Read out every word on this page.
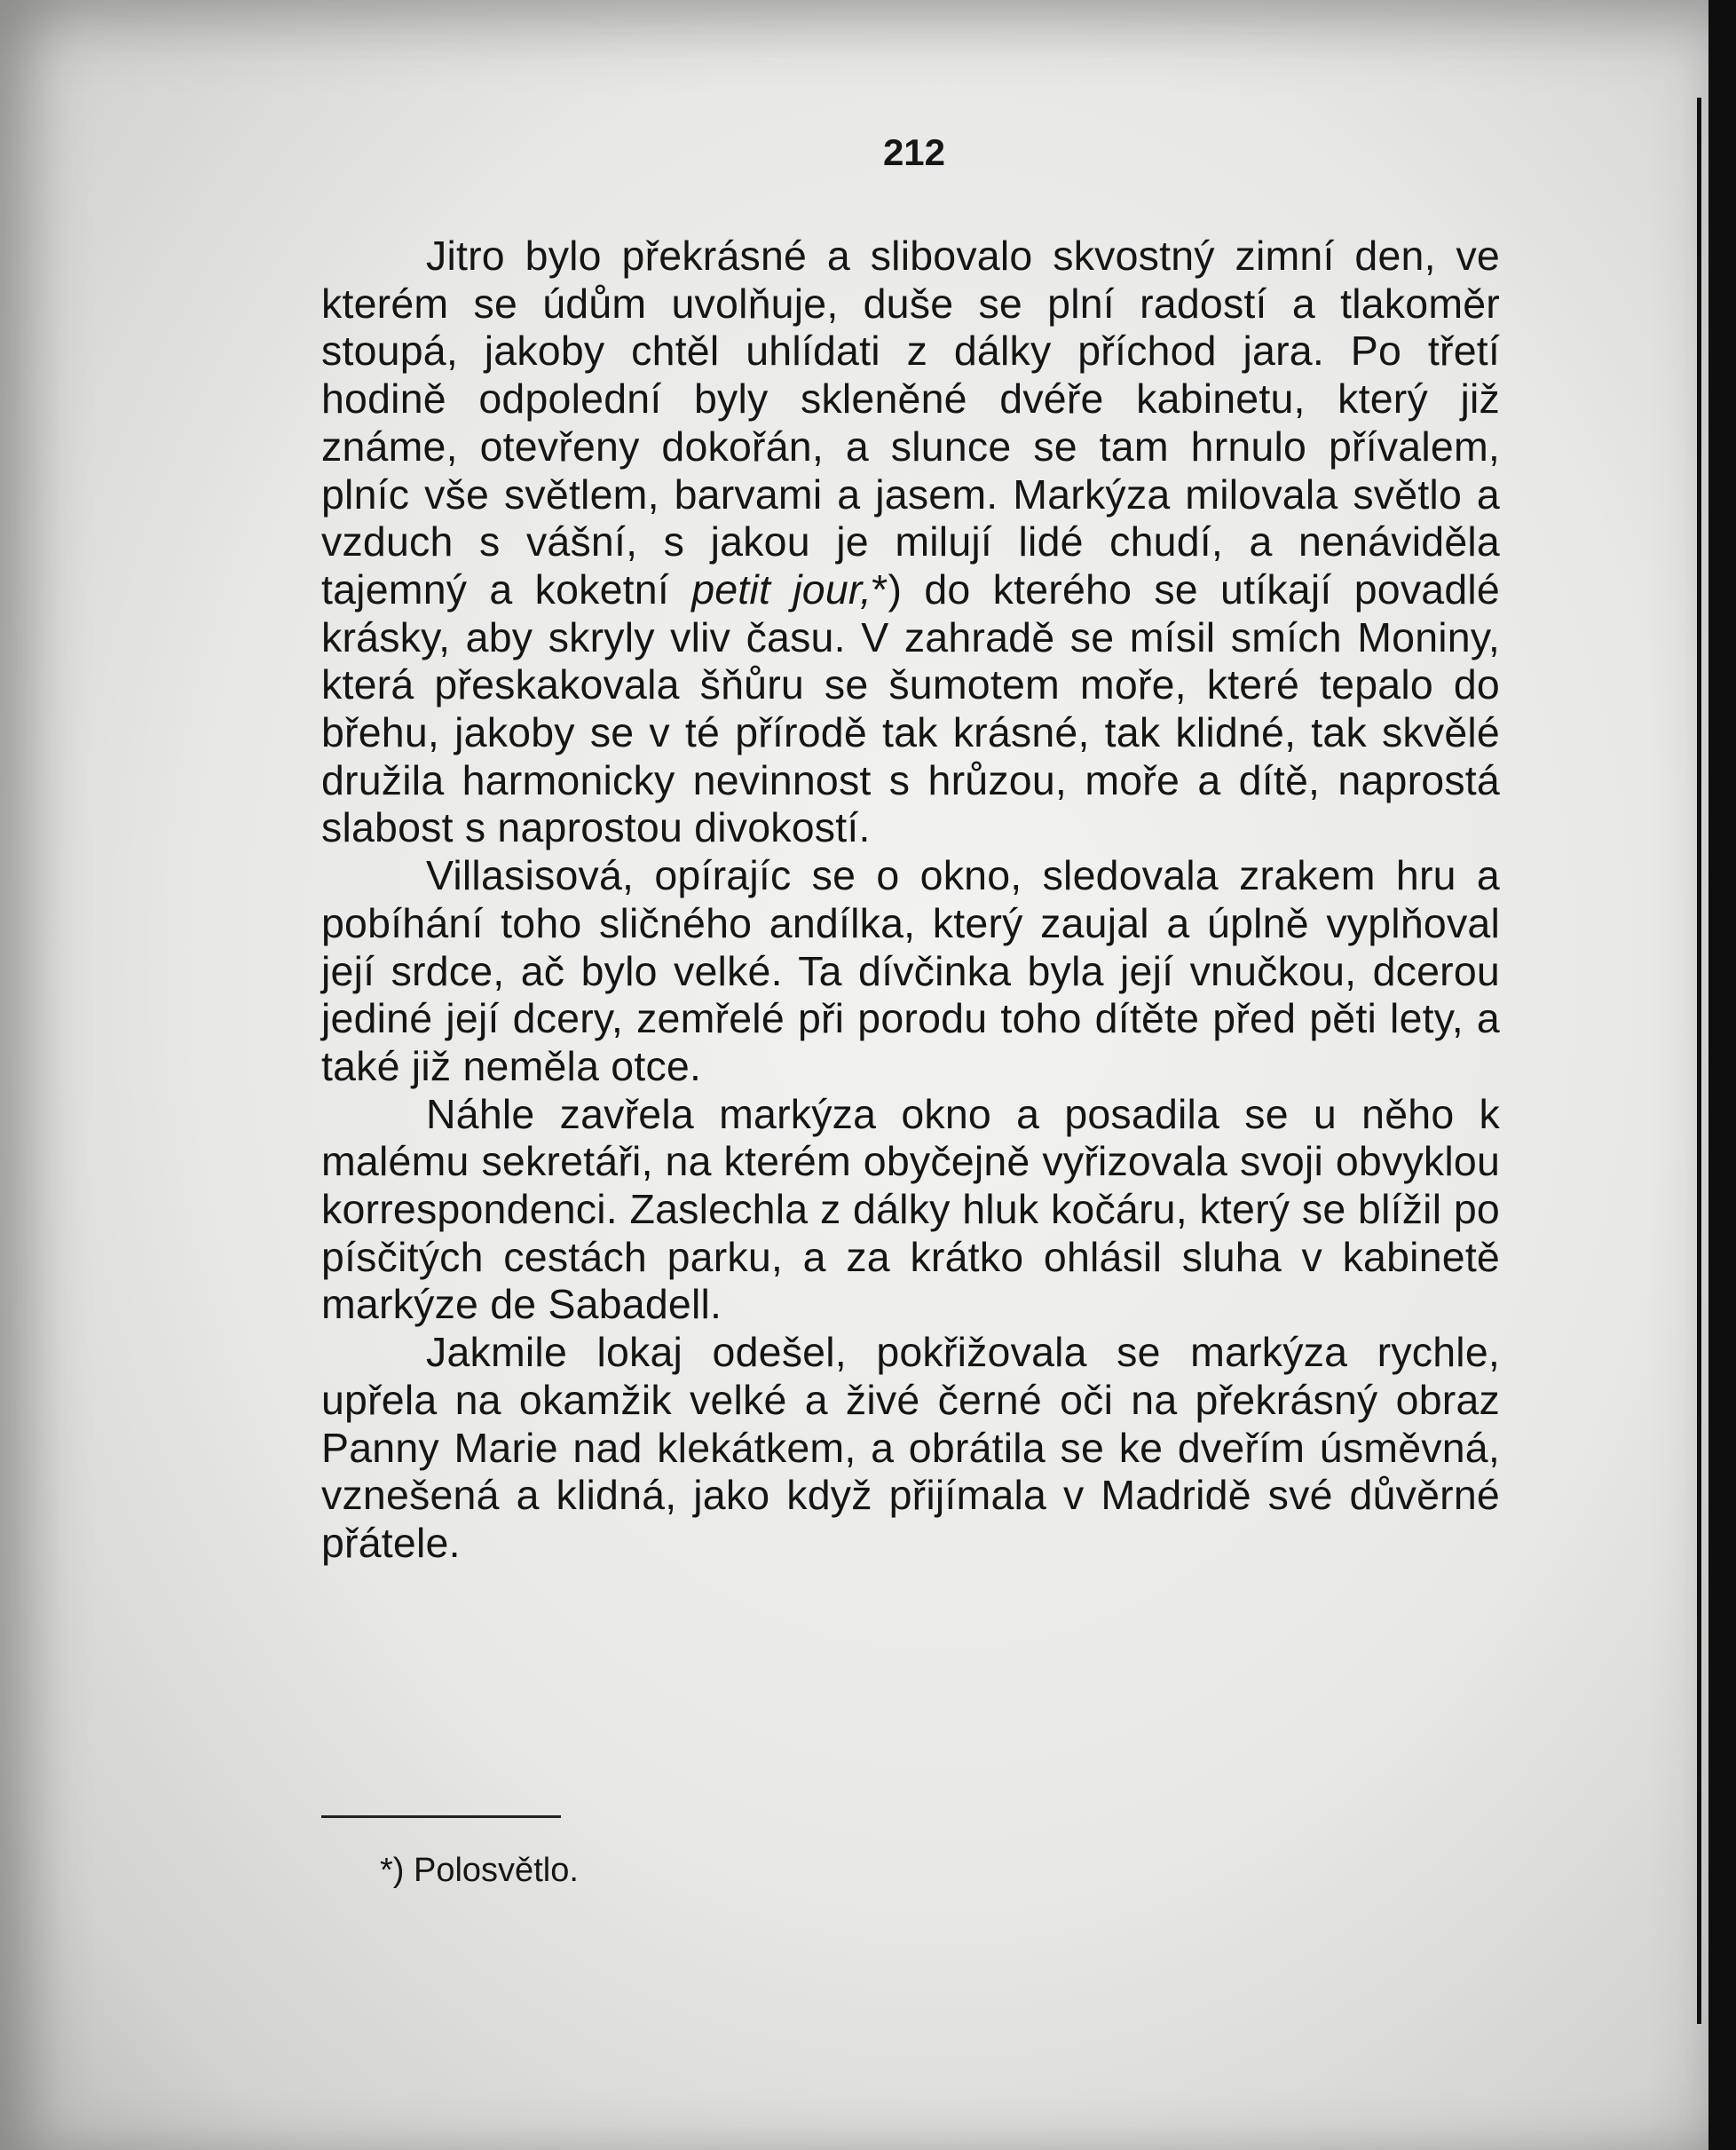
212

Jitro bylo překrásné a slibovalo skvostný zimní den, ve kterém se údům uvolňuje, duše se plní radostí a tlakoměr stoupá, jakoby chtěl uhlídati z dálky příchod jara. Po třetí hodině odpolední byly skleněné dvéře kabinetu, který již známe, otevřeny dokořán, a slunce se tam hrnulo přívalem, plníc vše světlem, barvami a jasem. Markýza milovala světlo a vzduch s vášní, s jakou je milují lidé chudí, a nenáviděla tajemný a koketní petit jour,*) do kterého se utíkají povadlé krásky, aby skryly vliv času. V zahradě se mísil smích Moniny, která přeskakovala šňůru se šumotem moře, které tepalo do břehu, jakoby se v té přírodě tak krásné, tak klidné, tak skvělé družila harmonicky nevinnost s hrůzou, moře a dítě, naprostá slabost s naprostou divokostí.

Villasisová, opírajíc se o okno, sledovala zrakem hru a pobíhání toho sličného andílka, který zaujal a úplně vyplňoval její srdce, ač bylo velké. Ta dívčinka byla její vnučkou, dcerou jediné její dcery, zemřelé při porodu toho dítěte před pěti lety, a také již neměla otce.

Náhle zavřela markýza okno a posadila se u něho k malému sekretáři, na kterém obyčejně vyřizovala svoji obvyklou korrespondenci. Zaslechla z dálky hluk kočáru, který se blížil po písčitých cestách parku, a za krátko ohlásil sluha v kabinetě markýze de Sabadell.

Jakmile lokaj odešel, pokřižovala se markýza rychle, upřela na okamžik velké a živé černé oči na překrásný obraz Panny Marie nad klekátkem, a obrátila se ke dveřím úsměvná, vznešená a klidná, jako když přijímala v Madridě své důvěrné přátele.

*) Polosvětlo.
